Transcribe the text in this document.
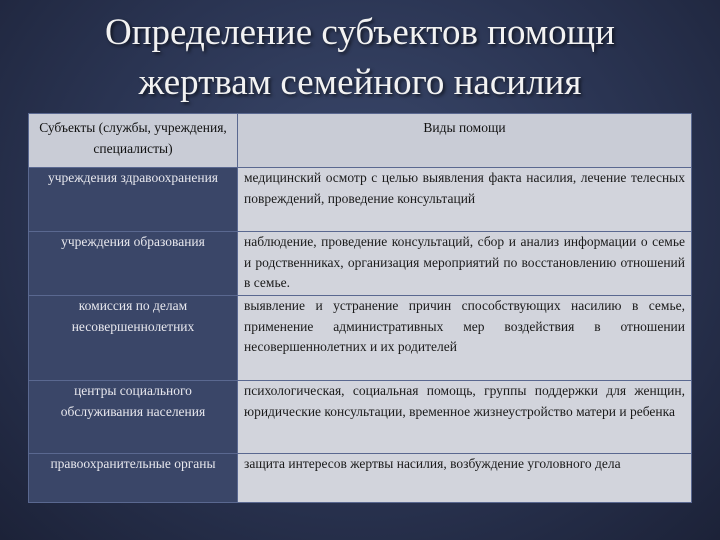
Определение субъектов помощи
жертвам семейного насилия
Субъекты (службы, учреждения, специалисты)	Виды помощи
учреждения здравоохранения	медицинский осмотр с целью выявления факта насилия, лечение телесных повреждений, проведение консультаций
учреждения образования	наблюдение, проведение консультаций, сбор и анализ информации о семье и родственниках, организация мероприятий по восстановлению отношений в семье.
комиссия по делам несовершеннолетних	выявление и устранение причин способствующих насилию в семье, применение административных мер воздействия в отношении несовершеннолетних и их родителей
центры социального обслуживания населения	психологическая, социальная помощь, группы поддержки для женщин, юридические консультации, временное жизнеустройство матери и ребенка
правоохранительные органы	защита интересов жертвы насилия, возбуждение уголовного дела
